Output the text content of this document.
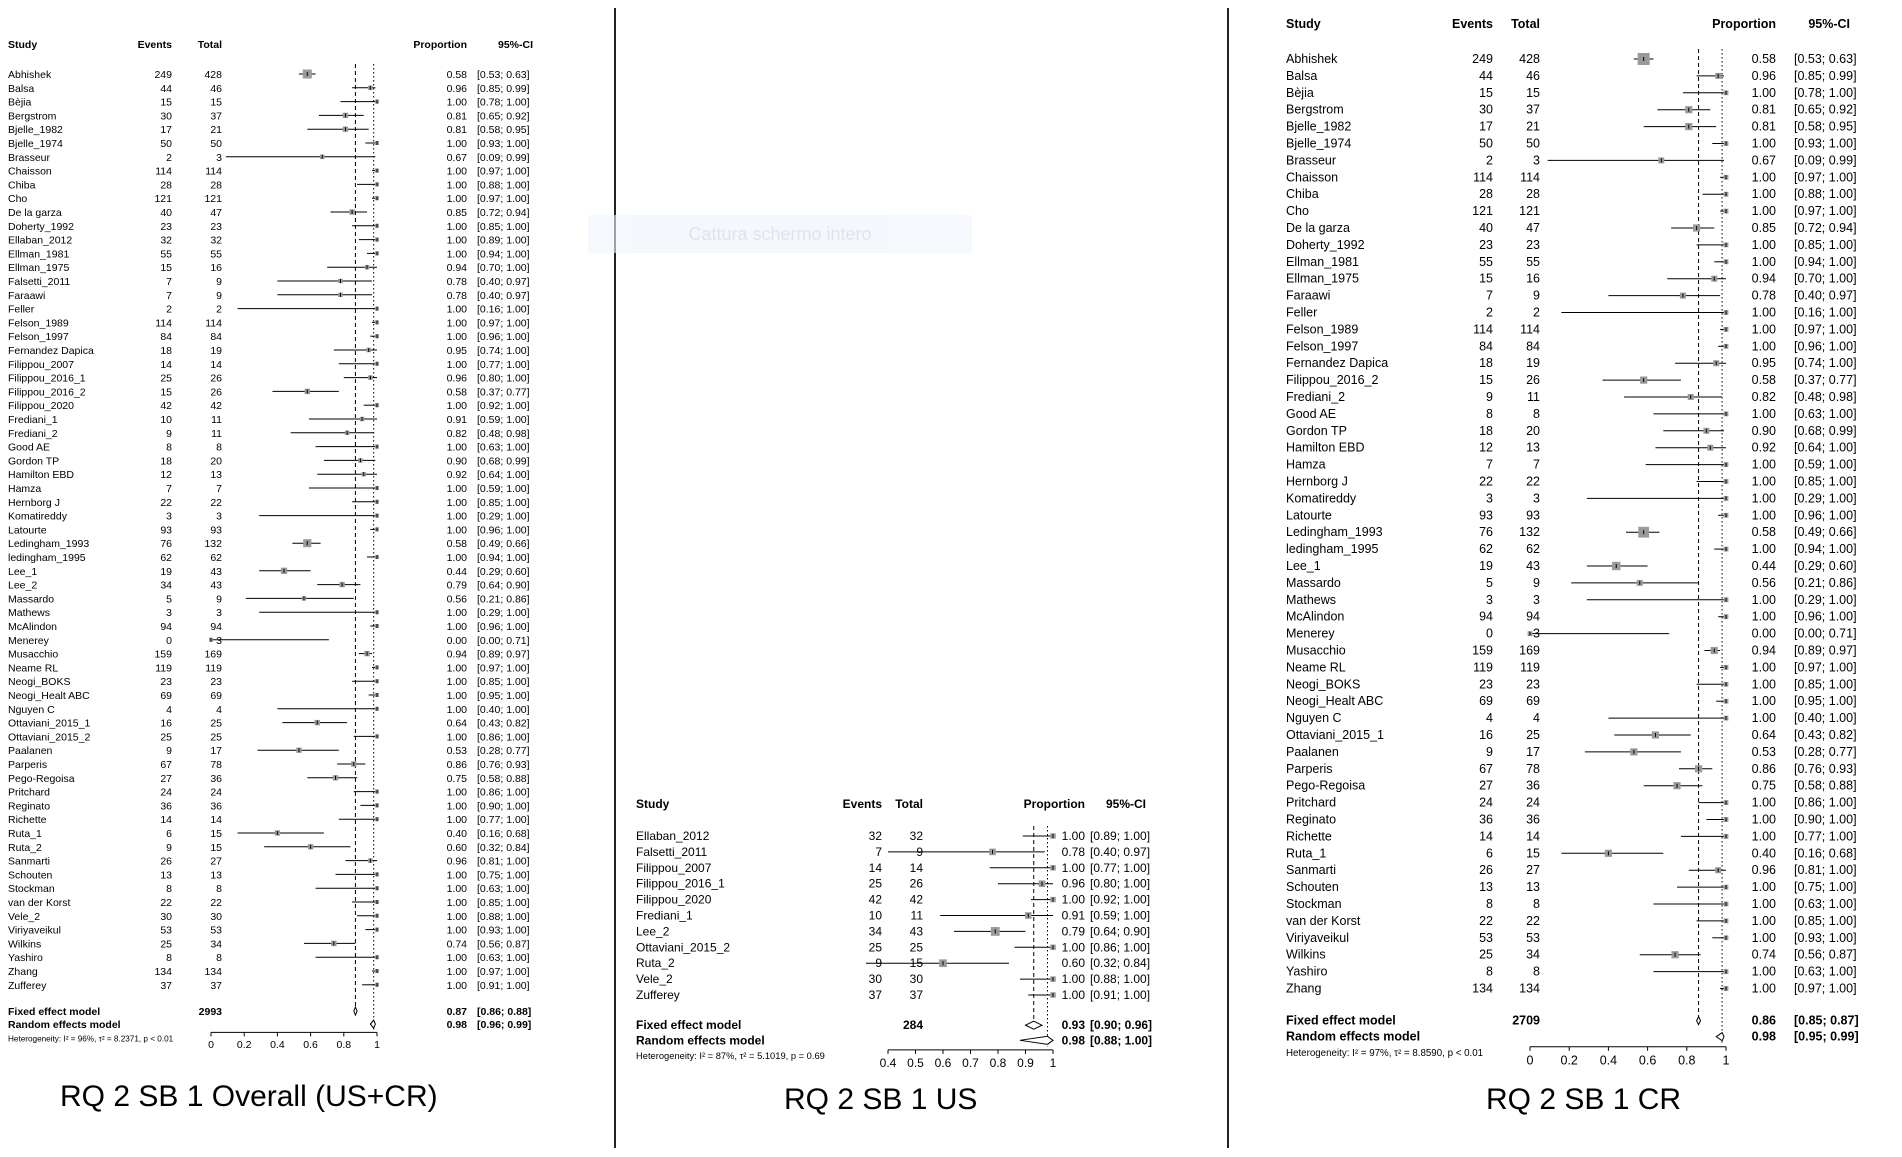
Cattura schermo intero
Study	Events Total	Proportion	95%-CI
Abhishek	249	428	0.58 [0.53; 0.63]
Balsa	44	46	0.96 [0.85; 0.99]
Bèjia	15	15	1.00 [0.78; 1.00]
Bergstrom	30	37	0.81 [0.65; 0.92]
Bjelle_1982	17	21	0.81 [0.58; 0.95]
Bjelle_1974	50	50	1.00 [0.93; 1.00]
Brasseur	2	3	0.67 [0.09; 0.99]
Chaisson	114	114	1.00 [0.97; 1.00]
Chiba	28	28	1.00 [0.88; 1.00]
Cho	121	121	1.00 [0.97; 1.00]
De la garza	40	47	0.85 [0.72; 0.94]
Doherty_1992	23	23	1.00 [0.85; 1.00]
Ellaban_2012	32	32	1.00 [0.89; 1.00]
Ellman_1981	55	55	1.00 [0.94; 1.00]
Ellman_1975	15	16	0.94 [0.70; 1.00]
Falsetti_2011	7	9	0.78 [0.40; 0.97]
Faraawi	7	9	0.78 [0.40; 0.97]
Feller	2	2	1.00 [0.16; 1.00]
Felson_1989	114	114	1.00 [0.97; 1.00]
Felson_1997	84	84	1.00 [0.96; 1.00]
Fernandez Dapica	18	19	0.95 [0.74; 1.00]
Filippou_2007	14	14	1.00 [0.77; 1.00]
Filippou_2016_1	25	26	0.96 [0.80; 1.00]
Filippou_2016_2	15	26	0.58 [0.37; 0.77]
Filippou_2020	42	42	1.00 [0.92; 1.00]
Frediani_1	10	11	0.91 [0.59; 1.00]
Frediani_2	9	11	0.82 [0.48; 0.98]
Good AE	8	8	1.00 [0.63; 1.00]
Gordon TP	18	20	0.90 [0.68; 0.99]
Hamilton EBD	12	13	0.92 [0.64; 1.00]
Hamza	7	7	1.00 [0.59; 1.00]
Hernborg J	22	22	1.00 [0.85; 1.00]
Komatireddy	3	3	1.00 [0.29; 1.00]
Latourte	93	93	1.00 [0.96; 1.00]
Ledingham_1993	76	132	0.58 [0.49; 0.66]
ledingham_1995	62	62	1.00 [0.94; 1.00]
Lee_1	19	43	0.44 [0.29; 0.60]
Lee_2	34	43	0.79 [0.64; 0.90]
Massardo	5	9	0.56 [0.21; 0.86]
Mathews	3	3	1.00 [0.29; 1.00]
McAlindon	94	94	1.00 [0.96; 1.00]
Menerey	0	3	0.00 [0.00; 0.71]
Musacchio	159	169	0.94 [0.89; 0.97]
Neame RL	119	119	1.00 [0.97; 1.00]
Neogi_BOKS	23	23	1.00 [0.85; 1.00]
Neogi_Healt ABC	69	69	1.00 [0.95; 1.00]
Nguyen C	4	4	1.00 [0.40; 1.00]
Ottaviani_2015_1	16	25	0.64 [0.43; 0.82]
Ottaviani_2015_2	25	25	1.00 [0.86; 1.00]
Paalanen	9	17	0.53 [0.28; 0.77]
Parperis	67	78	0.86 [0.76; 0.93]
Pego-Regoisa	27	36	0.75 [0.58; 0.88]
Pritchard	24	24	1.00 [0.86; 1.00]
Reginato	36	36	1.00 [0.90; 1.00]
Richette	14	14	1.00 [0.77; 1.00]
Ruta_1	6	15	0.40 [0.16; 0.68]
Ruta_2	9	15	0.60 [0.32; 0.84]
Sanmarti	26	27	0.96 [0.81; 1.00]
Schouten	13	13	1.00 [0.75; 1.00]
Stockman	8	8	1.00 [0.63; 1.00]
van der Korst	22	22	1.00 [0.85; 1.00]
Vele_2	30	30	1.00 [0.88; 1.00]
Viriyaveikul	53	53	1.00 [0.93; 1.00]
Wilkins	25	34	0.74 [0.56; 0.87]
Yashiro	8	8	1.00 [0.63; 1.00]
Zhang	134	134	1.00 [0.97; 1.00]
Zufferey	37	37	1.00 [0.91; 1.00]
Fixed effect model	2993	0.87 [0.86; 0.88]
Random effects model	0.98 [0.96; 0.99]
0 0.2 0.4 0.6 0.8 1
Heterogeneity: I² = 96%, τ² = 8.2371, p < 0.01
Study	Events Total	Proportion 95%-CI
Ellaban_2012	32 32	1.00 [0.89; 1.00]
Falsetti_2011	7	9	0.78 [0.40; 0.97]
Filippou_2007	14 14	1.00 [0.77; 1.00]
Filippou_2016_1	25 26	0.96 [0.80; 1.00]
Filippou_2020	42 42	1.00 [0.92; 1.00]
Frediani_1	10 11	0.91 [0.59; 1.00]
Lee_2	34 43	0.79 [0.64; 0.90]
Ottaviani_2015_2	25 25	1.00 [0.86; 1.00]
Ruta_2	9 15	0.60 [0.32; 0.84]
Vele_2	30 30	1.00 [0.88; 1.00]
Zufferey	37 37	1.00 [0.91; 1.00]
Fixed effect model	284	0.93 [0.90; 0.96]
Random effects model	0.98 [0.88; 1.00]
0.4 0.5 0.6 0.7 0.8 0.9 1
Heterogeneity: I² = 87%, τ² = 5.1019, p = 0.69
Study	Events Total	Proportion	95%-CI
Abhishek	249 428	0.58 [0.53; 0.63]
Balsa	44	46	0.96 [0.85; 0.99]
Bèjia	15	15	1.00 [0.78; 1.00]
Bergstrom	30	37	0.81 [0.65; 0.92]
Bjelle_1982	17	21	0.81 [0.58; 0.95]
Bjelle_1974	50	50	1.00 [0.93; 1.00]
Brasseur	2	3	0.67 [0.09; 0.99]
Chaisson	114 114	1.00 [0.97; 1.00]
Chiba	28	28	1.00 [0.88; 1.00]
Cho	121 121	1.00 [0.97; 1.00]
De la garza	40	47	0.85 [0.72; 0.94]
Doherty_1992	23	23	1.00 [0.85; 1.00]
Ellman_1981	55	55	1.00 [0.94; 1.00]
Ellman_1975	15	16	0.94 [0.70; 1.00]
Faraawi	7	9	0.78 [0.40; 0.97]
Feller	2	2	1.00 [0.16; 1.00]
Felson_1989	114 114	1.00 [0.97; 1.00]
Felson_1997	84	84	1.00 [0.96; 1.00]
Fernandez Dapica	18	19	0.95 [0.74; 1.00]
Filippou_2016_2	15	26	0.58 [0.37; 0.77]
Frediani_2	9	11	0.82 [0.48; 0.98]
Good AE	8	8	1.00 [0.63; 1.00]
Gordon TP	18	20	0.90 [0.68; 0.99]
Hamilton EBD	12	13	0.92 [0.64; 1.00]
Hamza	7	7	1.00 [0.59; 1.00]
Hernborg J	22	22	1.00 [0.85; 1.00]
Komatireddy	3	3	1.00 [0.29; 1.00]
Latourte	93	93	1.00 [0.96; 1.00]
Ledingham_1993	76 132	0.58 [0.49; 0.66]
ledingham_1995	62	62	1.00 [0.94; 1.00]
Lee_1	19	43	0.44 [0.29; 0.60]
Massardo	5	9	0.56 [0.21; 0.86]
Mathews	3	3	1.00 [0.29; 1.00]
McAlindon	94	94	1.00 [0.96; 1.00]
Menerey	0	3	0.00 [0.00; 0.71]
Musacchio	159 169	0.94 [0.89; 0.97]
Neame RL	119 119	1.00 [0.97; 1.00]
Neogi_BOKS	23	23	1.00 [0.85; 1.00]
Neogi_Healt ABC	69	69	1.00 [0.95; 1.00]
Nguyen C	4	4	1.00 [0.40; 1.00]
Ottaviani_2015_1	16	25	0.64 [0.43; 0.82]
Paalanen	9	17	0.53 [0.28; 0.77]
Parperis	67	78	0.86 [0.76; 0.93]
Pego-Regoisa	27	36	0.75 [0.58; 0.88]
Pritchard	24	24	1.00 [0.86; 1.00]
Reginato	36	36	1.00 [0.90; 1.00]
Richette	14	14	1.00 [0.77; 1.00]
Ruta_1	6	15	0.40 [0.16; 0.68]
Sanmarti	26	27	0.96 [0.81; 1.00]
Schouten	13	13	1.00 [0.75; 1.00]
Stockman	8	8	1.00 [0.63; 1.00]
van der Korst	22	22	1.00 [0.85; 1.00]
Viriyaveikul	53	53	1.00 [0.93; 1.00]
Wilkins	25	34	0.74 [0.56; 0.87]
Yashiro	8	8	1.00 [0.63; 1.00]
Zhang	134 134	1.00 [0.97; 1.00]
Fixed effect model	2709	0.86 [0.85; 0.87]
Random effects model	0.98 [0.95; 0.99]
0 0.2 0.4 0.6 0.8 1
Heterogeneity: I² = 97%, τ² = 8.8590, p < 0.01
RQ 2 SB 1 Overall (US+CR)	RQ 2 SB 1 US	RQ 2 SB 1 CR
